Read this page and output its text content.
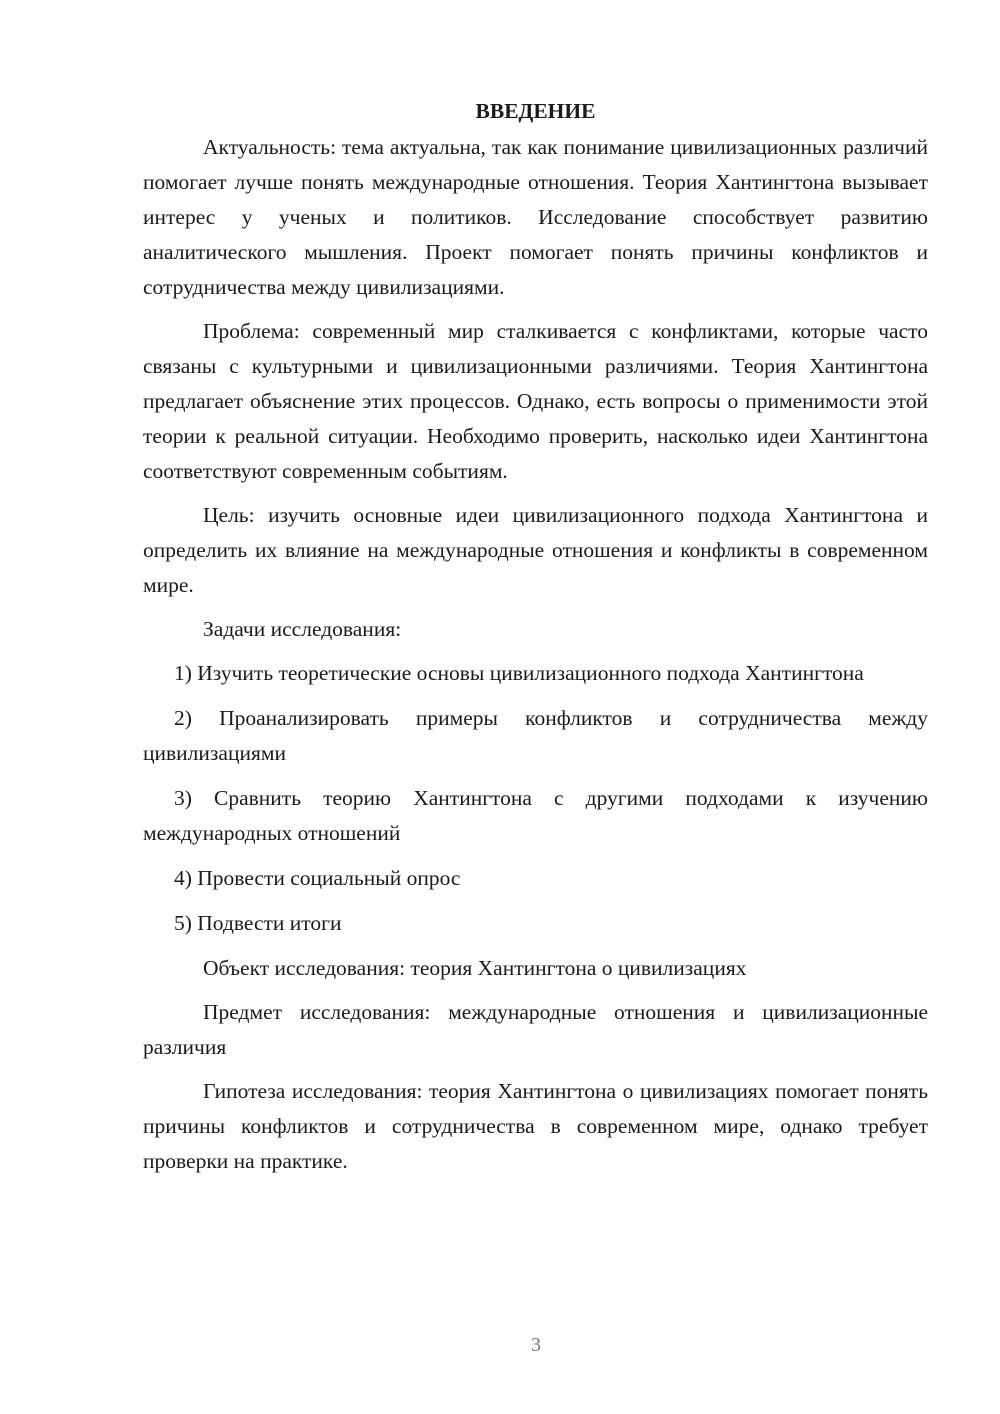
ВВЕДЕНИЕ

Актуальность: тема актуальна, так как понимание цивилизационных различий помогает лучше понять международные отношения. Теория Хантингтона вызывает интерес у ученых и политиков. Исследование способствует развитию аналитического мышления. Проект помогает понять причины конфликтов и сотрудничества между цивилизациями.

Проблема: современный мир сталкивается с конфликтами, которые часто связаны с культурными и цивилизационными различиями. Теория Хантингтона предлагает объяснение этих процессов. Однако, есть вопросы о применимости этой теории к реальной ситуации. Необходимо проверить, насколько идеи Хантингтона соответствуют современным событиям.

Цель: изучить основные идеи цивилизационного подхода Хантингтона и определить их влияние на международные отношения и конфликты в современном мире.

Задачи исследования:

1) Изучить теоретические основы цивилизационного подхода Хантингтона

2) Проанализировать примеры конфликтов и сотрудничества между цивилизациями

3) Сравнить теорию Хантингтона с другими подходами к изучению международных отношений

4) Провести социальный опрос

5) Подвести итоги

Объект исследования: теория Хантингтона о цивилизациях

Предмет исследования: международные отношения и цивилизационные различия

Гипотеза исследования: теория Хантингтона о цивилизациях помогает понять причины конфликтов и сотрудничества в современном мире, однако требует проверки на практике.

3
